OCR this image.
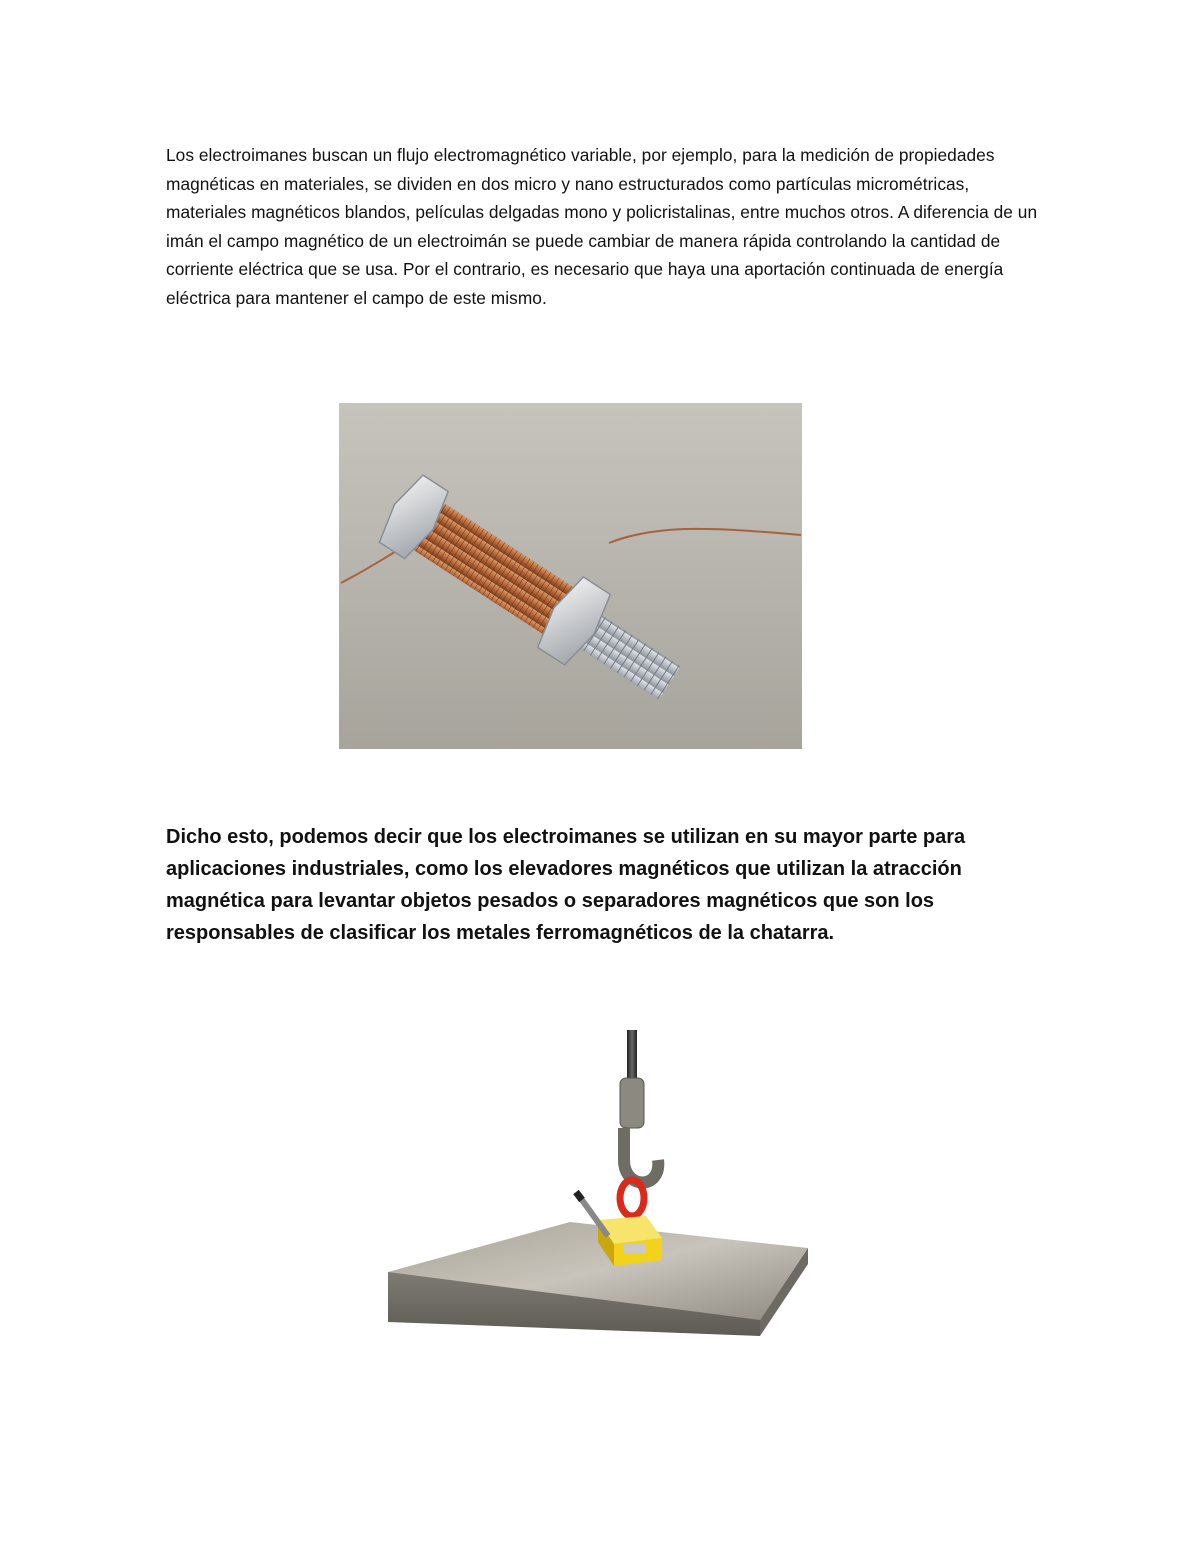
Los electroimanes buscan un flujo electromagnético variable, por ejemplo, para la medición de propiedades magnéticas en materiales, se dividen en dos micro y nano estructurados como partículas micrométricas, materiales magnéticos blandos, películas delgadas mono y policristalinas, entre muchos otros. A diferencia de un imán el campo magnético de un electroimán se puede cambiar de manera rápida controlando la cantidad de corriente eléctrica que se usa. Por el contrario, es necesario que haya una aportación continuada de energía eléctrica para mantener el campo de este mismo.

Dicho esto, podemos decir que los electroimanes se utilizan en su mayor parte para aplicaciones industriales, como los elevadores magnéticos que utilizan la atracción magnética para levantar objetos pesados o separadores magnéticos que son los responsables de clasificar los metales ferromagnéticos de la chatarra.
